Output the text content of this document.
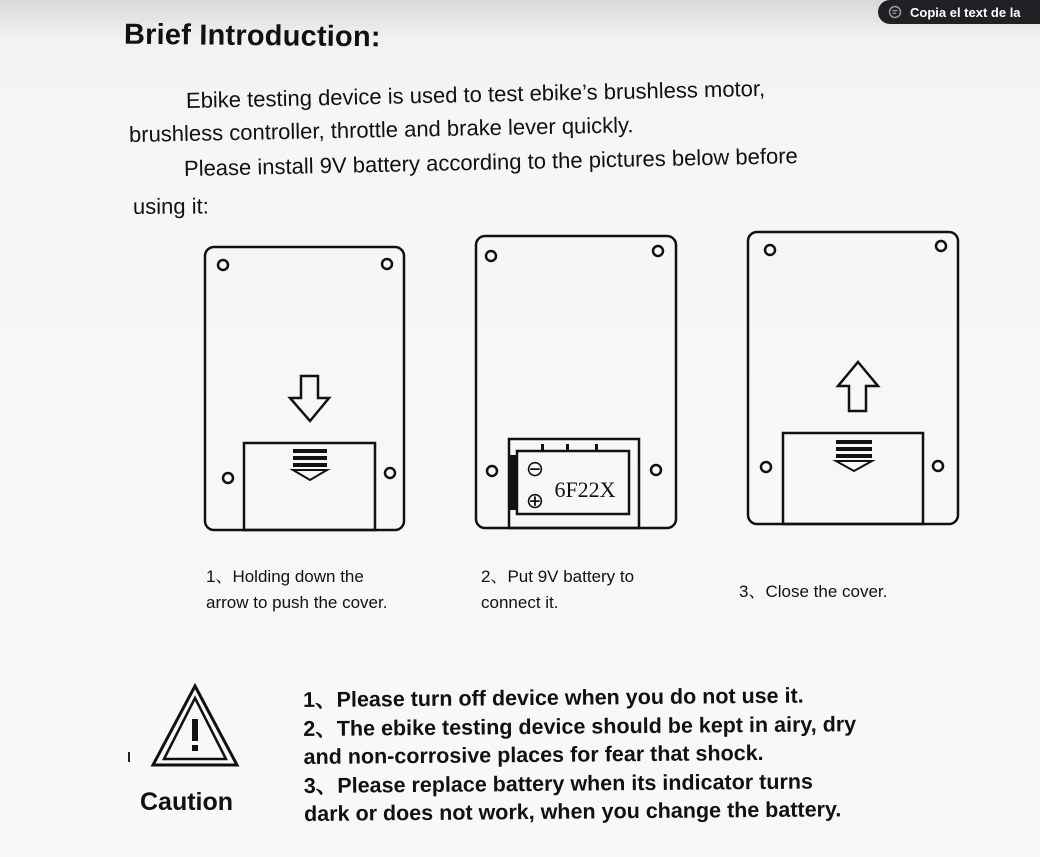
Copia el text de la
Brief Introduction:
Ebike testing device is used to test ebike’s brushless motor,
brushless controller, throttle and brake lever quickly.
Please install 9V battery according to the pictures below before
using it:
⊖
⊕ 6F22X
1、Holding down the
arrow to push the cover.
2、Put 9V battery to
connect it.
3、Close the cover.
Caution
1、Please turn off device when you do not use it.
2、The ebike testing device should be kept in airy, dry
and non-corrosive places for fear that shock.
3、Please replace battery when its indicator turns
dark or does not work, when you change the battery.
